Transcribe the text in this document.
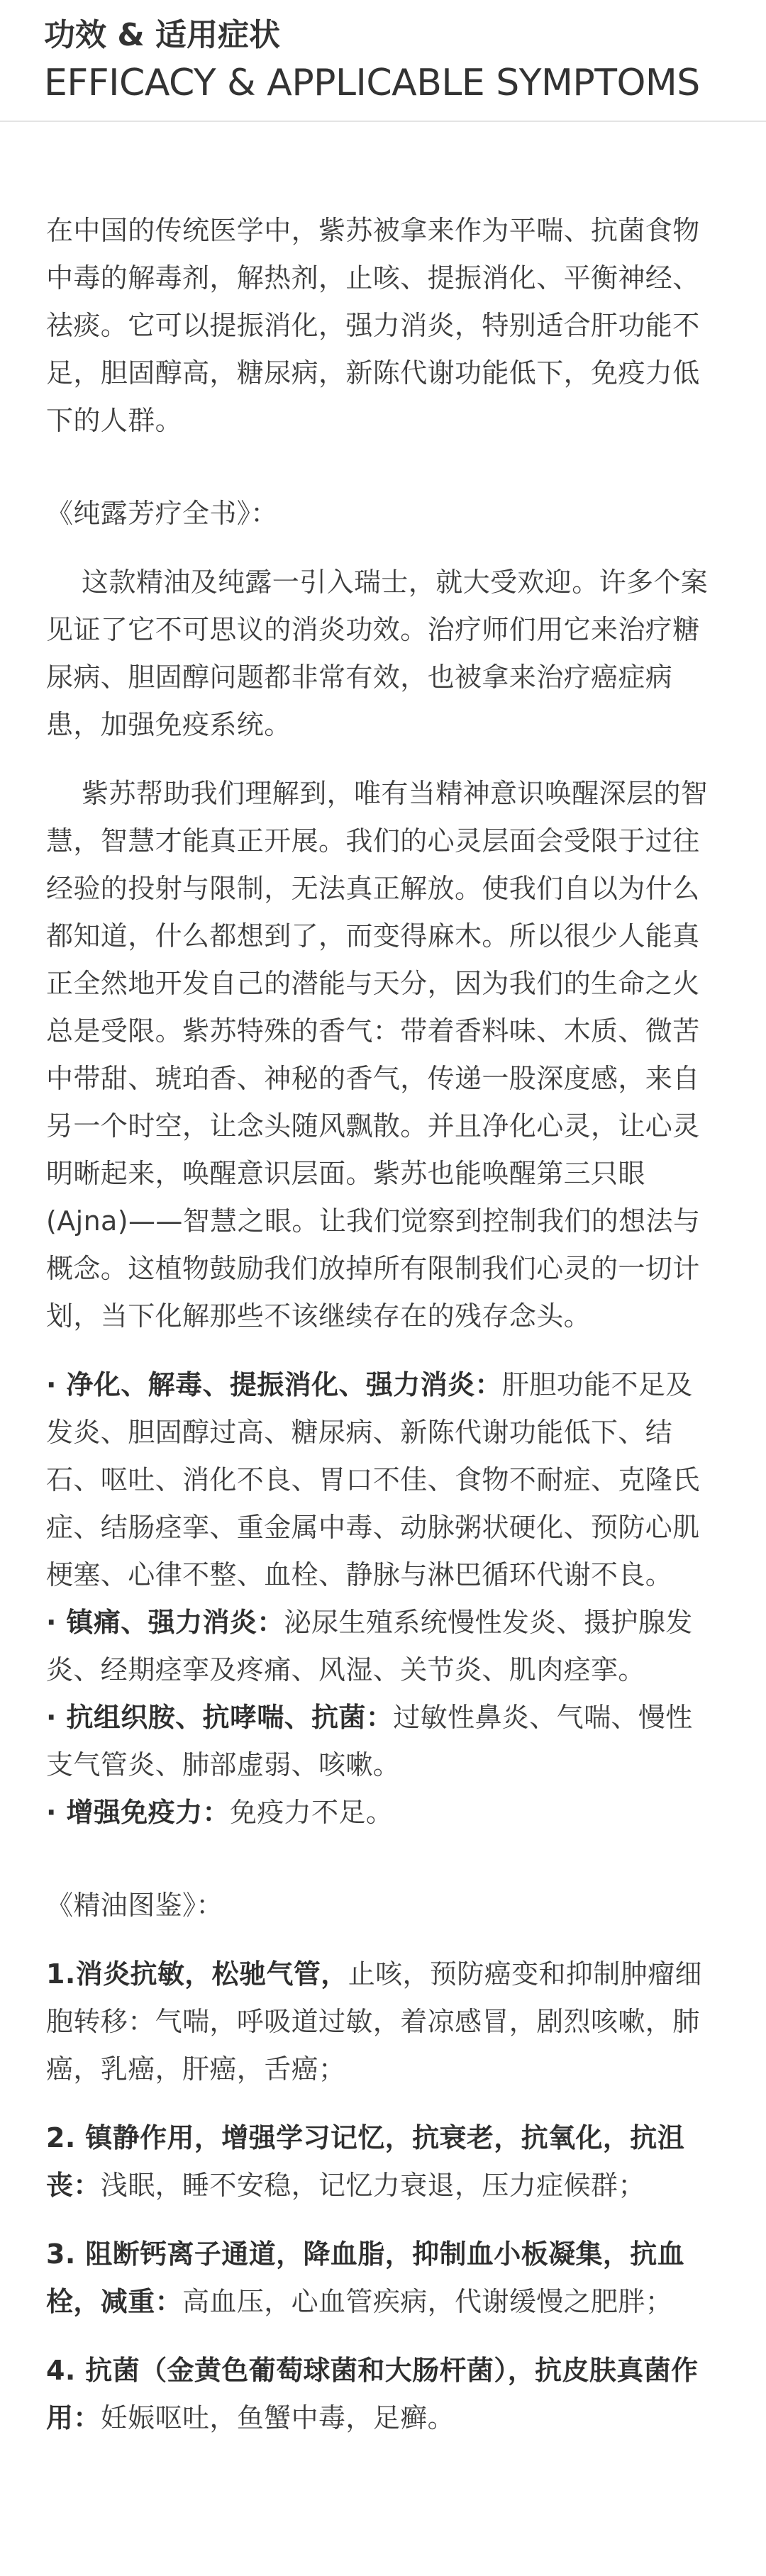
功效 & 适用症状
EFFICACY & APPLICABLE SYMPTOMS

在中国的传统医学中，紫苏被拿来作为平喘、抗菌食物中毒的解毒剂，解热剂，止咳、提振消化、平衡神经、祛痰。它可以提振消化，强力消炎，特别适合肝功能不足，胆固醇高，糖尿病，新陈代谢功能低下，免疫力低下的人群。

《纯露芳疗全书》：

这款精油及纯露一引入瑞士，就大受欢迎。许多个案见证了它不可思议的消炎功效。治疗师们用它来治疗糖尿病、胆固醇问题都非常有效，也被拿来治疗癌症病患，加强免疫系统。

紫苏帮助我们理解到，唯有当精神意识唤醒深层的智慧，智慧才能真正开展。我们的心灵层面会受限于过往经验的投射与限制，无法真正解放。使我们自以为什么都知道，什么都想到了，而变得麻木。所以很少人能真正全然地开发自己的潜能与天分，因为我们的生命之火总是受限。紫苏特殊的香气：带着香料味、木质、微苦中带甜、琥珀香、神秘的香气，传递一股深度感，来自另一个时空，让念头随风飘散。并且净化心灵，让心灵明晰起来，唤醒意识层面。紫苏也能唤醒第三只眼(Ajna)——智慧之眼。让我们觉察到控制我们的想法与概念。这植物鼓励我们放掉所有限制我们心灵的一切计划，当下化解那些不该继续存在的残存念头。

· 净化、解毒、提振消化、强力消炎：肝胆功能不足及发炎、胆固醇过高、糖尿病、新陈代谢功能低下、结石、呕吐、消化不良、胃口不佳、食物不耐症、克隆氏症、结肠痉挛、重金属中毒、动脉粥状硬化、预防心肌梗塞、心律不整、血栓、静脉与淋巴循环代谢不良。

· 镇痛、强力消炎：泌尿生殖系统慢性发炎、摄护腺发炎、经期痉挛及疼痛、风湿、关节炎、肌肉痉挛。

· 抗组织胺、抗哮喘、抗菌：过敏性鼻炎、气喘、慢性支气管炎、肺部虚弱、咳嗽。

· 增强免疫力：免疫力不足。

《精油图鉴》：

1.消炎抗敏，松驰气管，止咳，预防癌变和抑制肿瘤细胞转移：气喘，呼吸道过敏，着凉感冒，剧烈咳嗽，肺癌，乳癌，肝癌，舌癌；

2. 镇静作用，增强学习记忆，抗衰老，抗氧化，抗沮丧：浅眠，睡不安稳，记忆力衰退，压力症候群；

3. 阻断钙离子通道，降血脂，抑制血小板凝集，抗血栓，减重：高血压，心血管疾病，代谢缓慢之肥胖；

4. 抗菌（金黄色葡萄球菌和大肠杆菌），抗皮肤真菌作用：妊娠呕吐，鱼蟹中毒，足癣。
